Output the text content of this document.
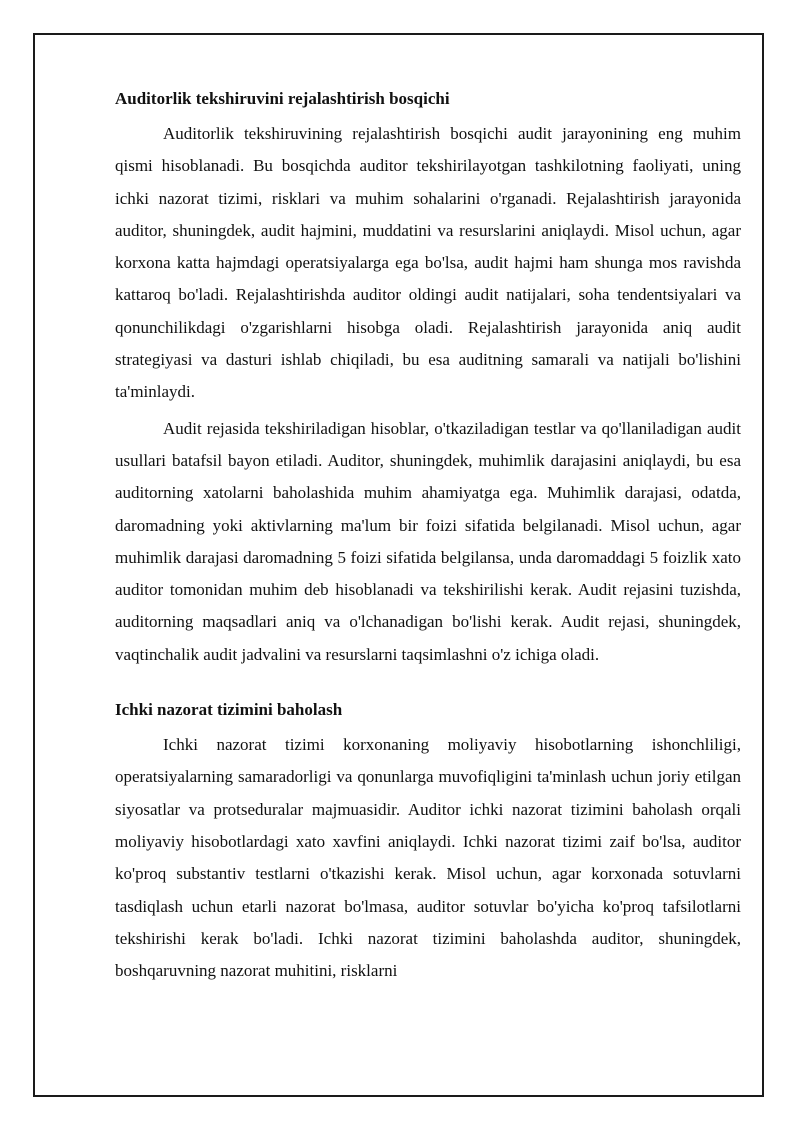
Auditorlik tekshiruvini rejalashtirish bosqichi

Auditorlik tekshiruvining rejalashtirish bosqichi audit jarayonining eng muhim qismi hisoblanadi. Bu bosqichda auditor tekshirilayotgan tashkilotning faoliyati, uning ichki nazorat tizimi, risklari va muhim sohalarini o'rganadi. Rejalashtirish jarayonida auditor, shuningdek, audit hajmini, muddatini va resurslarini aniqlaydi. Misol uchun, agar korxona katta hajmdagi operatsiyalarga ega bo'lsa, audit hajmi ham shunga mos ravishda kattaroq bo'ladi. Rejalashtirishda auditor oldingi audit natijalari, soha tendentsiyalari va qonunchilikdagi o'zgarishlarni hisobga oladi. Rejalashtirish jarayonida aniq audit strategiyasi va dasturi ishlab chiqiladi, bu esa auditning samarali va natijali bo'lishini ta'minlaydi.

Audit rejasida tekshiriladigan hisoblar, o'tkaziladigan testlar va qo'llaniladigan audit usullari batafsil bayon etiladi. Auditor, shuningdek, muhimlik darajasini aniqlaydi, bu esa auditorning xatolarni baholashida muhim ahamiyatga ega. Muhimlik darajasi, odatda, daromadning yoki aktivlarning ma'lum bir foizi sifatida belgilanadi. Misol uchun, agar muhimlik darajasi daromadning 5 foizi sifatida belgilansa, unda daromaddagi 5 foizlik xato auditor tomonidan muhim deb hisoblanadi va tekshirilishi kerak. Audit rejasini tuzishda, auditorning maqsadlari aniq va o'lchanadigan bo'lishi kerak. Audit rejasi, shuningdek, vaqtinchalik audit jadvalini va resurslarni taqsimlashni o'z ichiga oladi.

Ichki nazorat tizimini baholash

Ichki nazorat tizimi korxonaning moliyaviy hisobotlarning ishonchliligi, operatsiyalarning samaradorligi va qonunlarga muvofiqligini ta'minlash uchun joriy etilgan siyosatlar va protseduralar majmuasidir. Auditor ichki nazorat tizimini baholash orqali moliyaviy hisobotlardagi xato xavfini aniqlaydi. Ichki nazorat tizimi zaif bo'lsa, auditor ko'proq substantiv testlarni o'tkazishi kerak. Misol uchun, agar korxonada sotuvlarni tasdiqlash uchun etarli nazorat bo'lmasa, auditor sotuvlar bo'yicha ko'proq tafsilotlarni tekshirishi kerak bo'ladi. Ichki nazorat tizimini baholashda auditor, shuningdek, boshqaruvning nazorat muhitini, risklarni
